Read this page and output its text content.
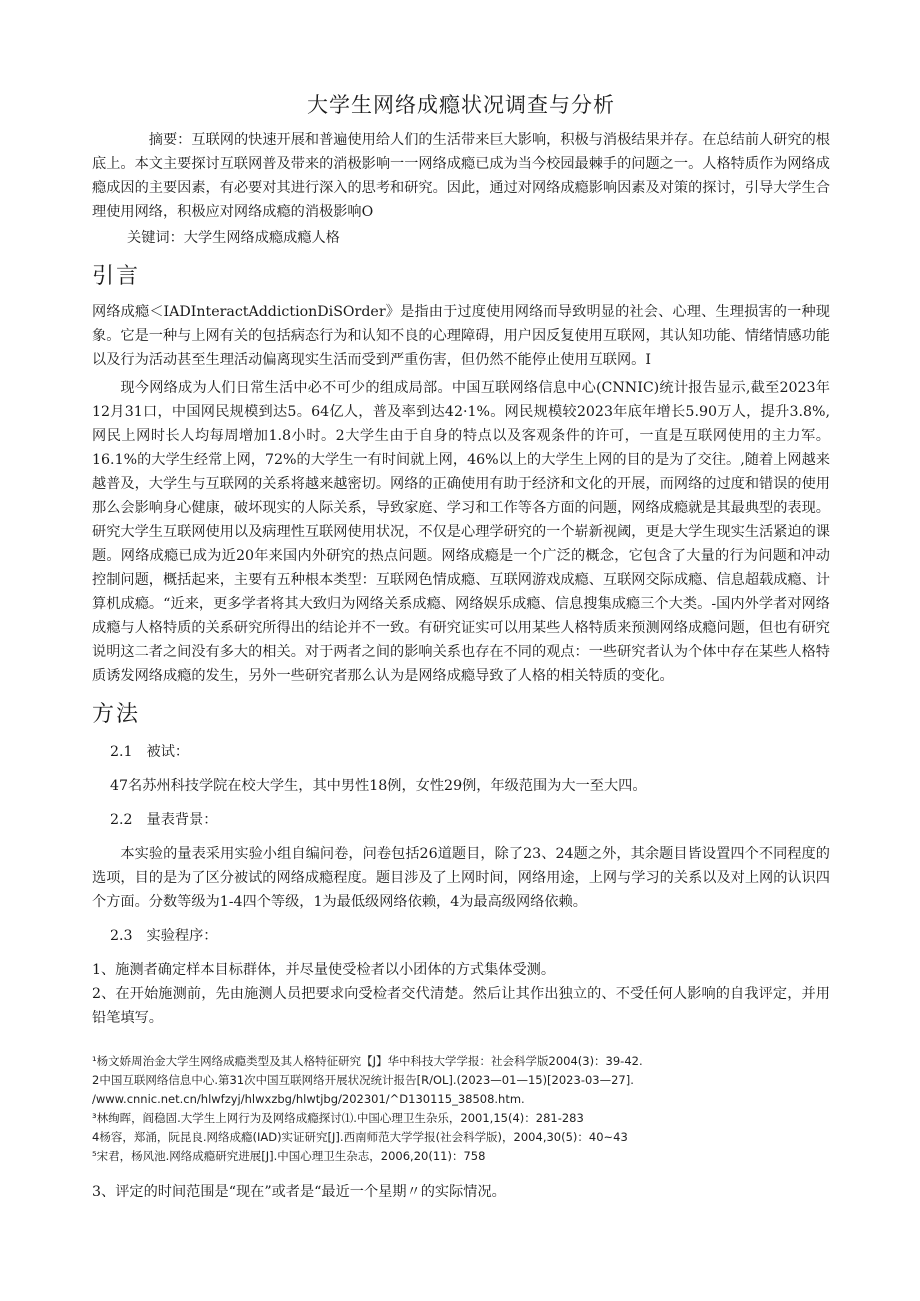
大学生网络成瘾状况调查与分析

摘要：互联网的快速开展和普遍使用给人们的生活带来巨大影响，积极与消极结果并存。在总结前人研究的根底上。本文主要探讨互联网普及带来的消极影响一一网络成瘾已成为当今校园最棘手的问题之一。人格特质作为网络成瘾成因的主要因素，有必要对其进行深入的思考和研究。因此，通过对网络成瘾影响因素及对策的探讨，引导大学生合理使用网络，积极应对网络成瘾的消极影响O

关键词：大学生网络成瘾成瘾人格

引言

网络成瘾＜IADInteractAddictionDiSOrder》是指由于过度使用网络而导致明显的社会、心理、生理损害的一种现象。它是一种与上网有关的包括病态行为和认知不良的心理障碍，用户因反复使用互联网，其认知功能、情绪情感功能以及行为活动甚至生理活动偏离现实生活而受到严重伤害，但仍然不能停止使用互联网。I

现今网络成为人们日常生活中必不可少的组成局部。中国互联网络信息中心(CNNIC)统计报告显示,截至2023年12月31口，中国网民规模到达5。64亿人，普及率到达42·1%。网民规模较2023年底年增长5.90万人，提升3.8%,网民上网时长人均每周增加1.8小时。2大学生由于自身的特点以及客观条件的许可，一直是互联网使用的主力军。16.1%的大学生经常上网，72%的大学生一有时间就上网，46%以上的大学生上网的目的是为了交往。,随着上网越来越普及，大学生与互联网的关系将越来越密切。网络的正确使用有助于经济和文化的开展，而网络的过度和错误的使用那么会影响身心健康，破坏现实的人际关系，导致家庭、学习和工作等各方面的问题，网络成瘾就是其最典型的表现。研究大学生互联网使用以及病理性互联网使用状况，不仅是心理学研究的一个崭新视阈，更是大学生现实生活紧迫的课题。网络成瘾已成为近20年来国内外研究的热点问题。网络成瘾是一个广泛的概念，它包含了大量的行为问题和冲动控制问题，概括起来，主要有五种根本类型：互联网色情成瘾、互联网游戏成瘾、互联网交际成瘾、信息超载成瘾、计算机成瘾。“近来，更多学者将其大致归为网络关系成瘾、网络娱乐成瘾、信息搜集成瘾三个大类。-国内外学者对网络成瘾与人格特质的关系研究所得出的结论并不一致。有研究证实可以用某些人格特质来预测网络成瘾问题，但也有研究说明这二者之间没有多大的相关。对于两者之间的影响关系也存在不同的观点：一些研究者认为个体中存在某些人格特质诱发网络成瘾的发生，另外一些研究者那么认为是网络成瘾导致了人格的相关特质的变化。

方法
2.1 被试：

47名苏州科技学院在校大学生，其中男性18例，女性29例，年级范围为大一至大四。

2.2 量表背景：

本实验的量表采用实验小组自编问卷，问卷包括26道题目，除了23、24题之外，其余题目皆设置四个不同程度的选项，目的是为了区分被试的网络成瘾程度。题目涉及了上网时间，网络用途，上网与学习的关系以及对上网的认识四个方面。分数等级为1-4四个等级，1为最低级网络依赖，4为最高级网络依赖。

2.3 实验程序：

1、施测者确定样本目标群体，并尽量使受检者以小团体的方式集体受测。

2、在开始施测前，先由施测人员把要求向受检者交代清楚。然后让其作出独立的、不受任何人影响的自我评定，并用铅笔填写。

¹杨文娇周治金大学生网络成瘾类型及其人格特征研究【J】华中科技大学学报：社会科学版2004(3)：39-42.
2中国互联网络信息中心.第31次中国互联网络开展状况统计报告[R/OL].(2023—01—15)[2023-03—27].
/www.cnnic.net.cn/hlwfzyj/hlwxzbg/hlwtjbg/202301/^D130115_38508.htm.
³林绚晖，阎稳固.大学生上网行为及网络成瘾探讨⑴.中国心理卫生杂乐，2001,15(4)：281-283
4杨容，郑涌，阮昆良.网络成瘾(IAD)实证研究[J].西南师范大学学报(社会科学版)，2004,30(5)：40~43
⁵宋君，杨风池.网络成瘾研究进展[J].中国心理卫生杂志，2006,20(11)：758

3、评定的时间范围是“现在”或者是“最近一个星期〃的实际情况。
